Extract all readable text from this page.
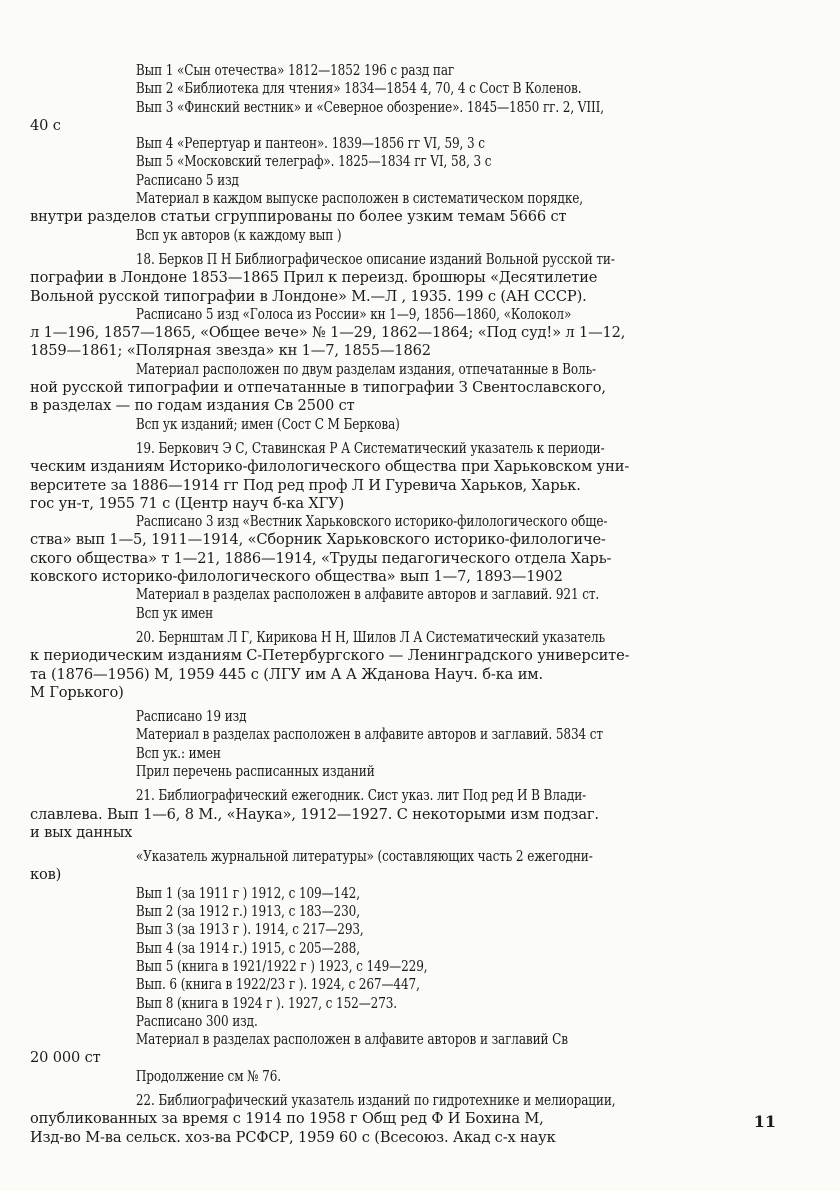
Вып 1 «Сын отечества» 1812—1852 196 с разд паг
Вып 2 «Библиотека для чтения» 1834—1854 4, 70, 4 с Сост В Коленов.
Вып 3 «Финский вестник» и «Северное обозрение». 1845—1850 гг. 2, VIII,
40 с
Вып 4 «Репертуар и пантеон». 1839—1856 гг VI, 59, 3 с
Вып 5 «Московский телеграф». 1825—1834 гг VI, 58, 3 с
Расписано 5 изд
Материал в каждом выпуске расположен в систематическом порядке,
внутри разделов статьи сгруппированы по более узким темам 5666 ст
Вcп ук авторов (к каждому вып )
18. Берков П Н Библиографическое описание изданий Вольной русской ти-
пографии в Лондоне 1853—1865 Прил к переизд. брошюры «Десятилетие
Вольной русской типографии в Лондоне» М.—Л , 1935. 199 с (АН СССР).
Расписано 5 изд «Голоса из России» кн 1—9, 1856—1860, «Колокол»
л 1—196, 1857—1865, «Общее вече» № 1—29, 1862—1864; «Под суд!» л 1—12,
1859—1861; «Полярная звезда» кн 1—7, 1855—1862
Материал расположен по двум разделам издания, отпечатанные в Воль-
ной русской типографии и отпечатанные в типографии З Свентославского,
в разделах — по годам издания Св 2500 ст
Всп ук изданий; имен (Сост С М Беркова)
19. Беркович Э С, Ставинская Р А Систематический указатель к периоди-
ческим изданиям Историко-филологического общества при Харьковском уни-
верситете за 1886—1914 гг Под ред проф Л И Гуревича Харьков, Харьк.
гос ун-т, 1955 71 с (Центр науч б-ка ХГУ)
Расписано 3 изд «Вестник Харьковского историко-филологического обще-
ства» вып 1—5, 1911—1914, «Сборник Харьковского историко-филологиче-
ского общества» т 1—21, 1886—1914, «Труды педагогического отдела Харь-
ковского историко-филологического общества» вып 1—7, 1893—1902
Материал в разделах расположен в алфавите авторов и заглавий. 921 ст.
Всп ук имен
20. Бернштам Л Г, Кирикова Н Н, Шилов Л А Систематический указатель
к периодическим изданиям С-Петербургского — Ленинградского университе-
та (1876—1956) М, 1959 445 с (ЛГУ им А А Жданова Науч. б-ка им.
М Горького)
Расписано 19 изд
Материал в разделах расположен в алфавите авторов и заглавий. 5834 ст
Всп ук.: имен
Прил перечень расписанных изданий
21. Библиографический ежегодник. Сист указ. лит Под ред И В Влади-
славлева. Вып 1—6, 8 М., «Наука», 1912—1927. С некоторыми изм подзаг.
и вых данных
«Указатель журнальной литературы» (составляющих часть 2 ежегодни-
ков)
Вып 1 (за 1911 г ) 1912, с 109—142,
Вып 2 (за 1912 г.) 1913, с 183—230,
Вып 3 (за 1913 г ). 1914, с 217—293,
Вып 4 (за 1914 г.) 1915, с 205—288,
Вып 5 (книга в 1921/1922 г ) 1923, с 149—229,
Вып. 6 (книга в 1922/23 г ). 1924, с 267—447,
Вып 8 (книга в 1924 г ). 1927, с 152—273.
Расписано 300 изд.
Материал в разделах расположен в алфавите авторов и заглавий Св
20 000 ст
Продолжение см № 76.
22. Библиографический указатель изданий по гидротехнике и мелиорации,
опубликованных за время с 1914 по 1958 г Общ ред Ф И Бохина М,
Изд-во М-ва сельск. хоз-ва РСФСР, 1959 60 с (Всесоюз. Акад с-х наук
11
